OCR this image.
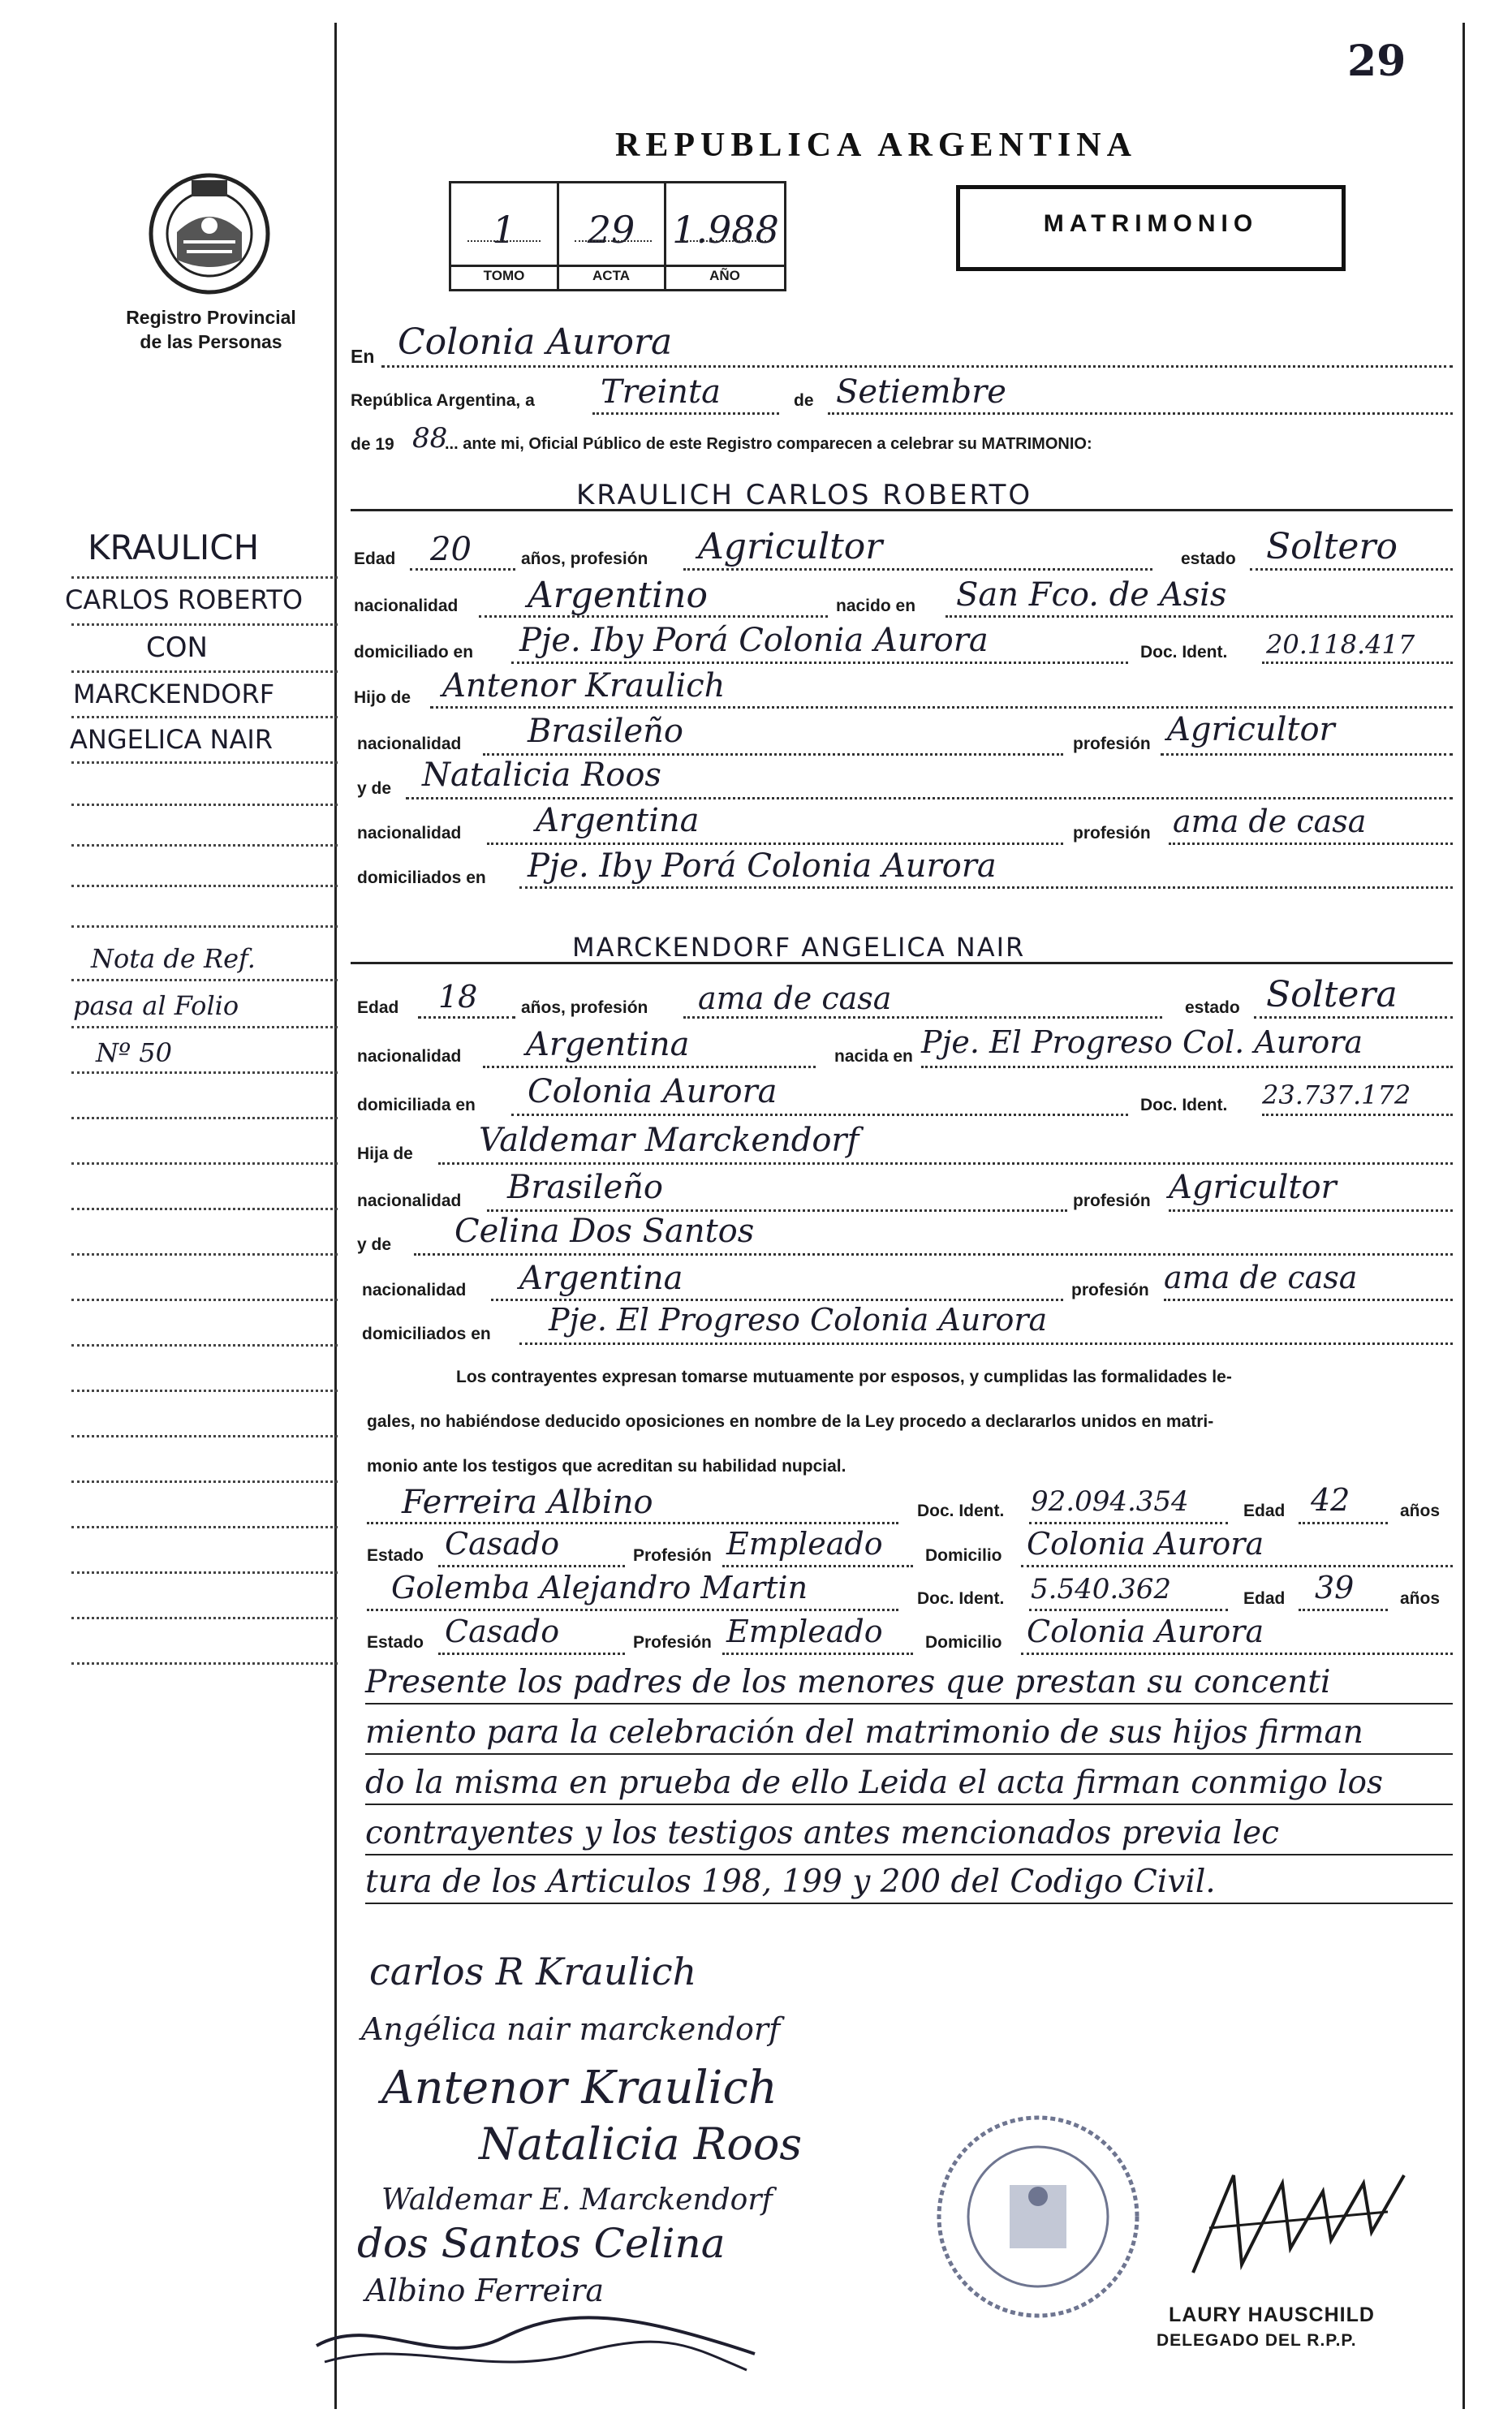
29
REPUBLICA ARGENTINA
Registro Provincial
de las Personas
1	29 1.988
TOMO	ACTA	AÑO
MATRIMONIO
KRAULICH
CARLOS ROBERTO
CON
MARCKENDORF
ANGELICA NAIR
Nota de Ref.
pasa al Folio
Nº 50
En Colonia Aurora
República Argentina, a Treinta	de Setiembre
de 19 88
... ante mi, Oficial Público de este Registro comparecen a celebrar su MATRIMONIO:
KRAULICH CARLOS ROBERTO
Edad 20	años, profesión Agricultor	estado Soltero
nacionalidad Argentino	nacido en San Fco. de Asis
domiciliado en Pje. Iby Porá Colonia Aurora	Doc. Ident. 20.118.417
Hijo de Antenor Kraulich
nacionalidad Brasileño	profesión Agricultor
y de Natalicia Roos
nacionalidad Argentina	profesión ama de casa
domiciliados en Pje. Iby Porá Colonia Aurora
MARCKENDORF ANGELICA NAIR
Edad 18	años, profesión ama de casa	estado Soltera
nacionalidad Argentina	nacida en Pje. El Progreso Col. Aurora
domiciliada en Colonia Aurora	Doc. Ident. 23.737.172
Hija de Valdemar Marckendorf
nacionalidad Brasileño	profesión Agricultor
y de Celina Dos Santos
nacionalidad Argentina	profesión ama de casa
domiciliados en Pje. El Progreso Colonia Aurora
Los contrayentes expresan tomarse mutuamente por esposos, y cumplidas las formalidades le-
gales, no habiéndose deducido oposiciones en nombre de la Ley procedo a declararlos unidos en matri-
monio ante los testigos que acreditan su habilidad nupcial.
Ferreira Albino	Doc. Ident. 92.094.354	Edad 42	años
Estado Casado	Profesión Empleado Domicilio Colonia Aurora
Golemba Alejandro Martin	Doc. Ident. 5.540.362	Edad 39	años
Estado Casado	Profesión Empleado Domicilio Colonia Aurora
Presente los padres de los menores que prestan su concenti
miento para la celebración del matrimonio de sus hijos firman
do la misma en prueba de ello Leida el acta firman conmigo los
contrayentes y los testigos antes mencionados previa lec
tura de los Articulos 198, 199 y 200 del Codigo Civil.
carlos R Kraulich
Angélica nair marckendorf
Antenor Kraulich
Natalicia Roos
Waldemar E. Marckendorf
dos Santos Celina
Albino Ferreira
LAURY HAUSCHILD
DELEGADO DEL R.P.P.
